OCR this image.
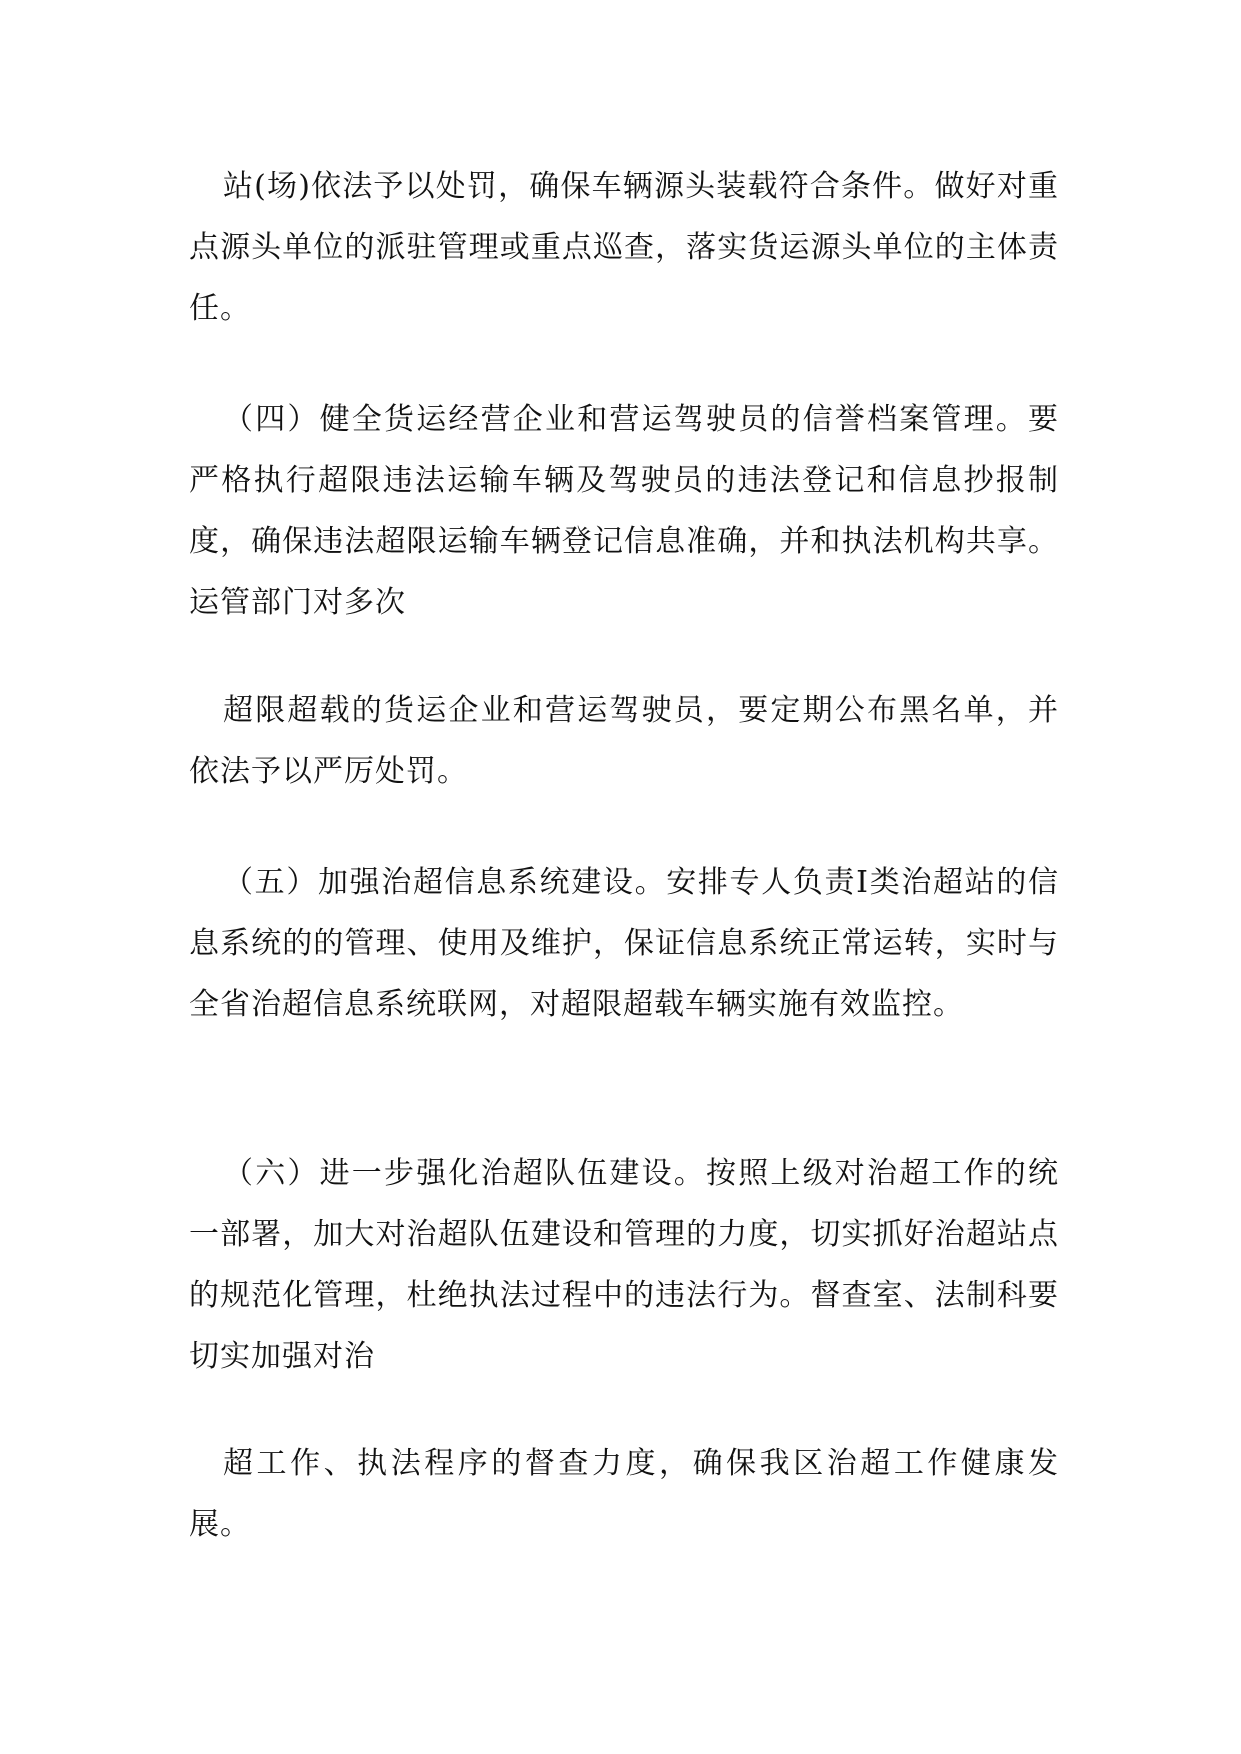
站(场)依法予以处罚，确保车辆源头装载符合条件。做好对重点源头单位的派驻管理或重点巡查，落实货运源头单位的主体责任。

（四）健全货运经营企业和营运驾驶员的信誉档案管理。要严格执行超限违法运输车辆及驾驶员的违法登记和信息抄报制度，确保违法超限运输车辆登记信息准确，并和执法机构共享。运管部门对多次

超限超载的货运企业和营运驾驶员，要定期公布黑名单，并依法予以严厉处罚。

（五）加强治超信息系统建设。安排专人负责Ⅰ类治超站的信息系统的的管理、使用及维护，保证信息系统正常运转，实时与全省治超信息系统联网，对超限超载车辆实施有效监控。

（六）进一步强化治超队伍建设。按照上级对治超工作的统一部署，加大对治超队伍建设和管理的力度，切实抓好治超站点的规范化管理，杜绝执法过程中的违法行为。督查室、法制科要切实加强对治

超工作、执法程序的督查力度，确保我区治超工作健康发展。
